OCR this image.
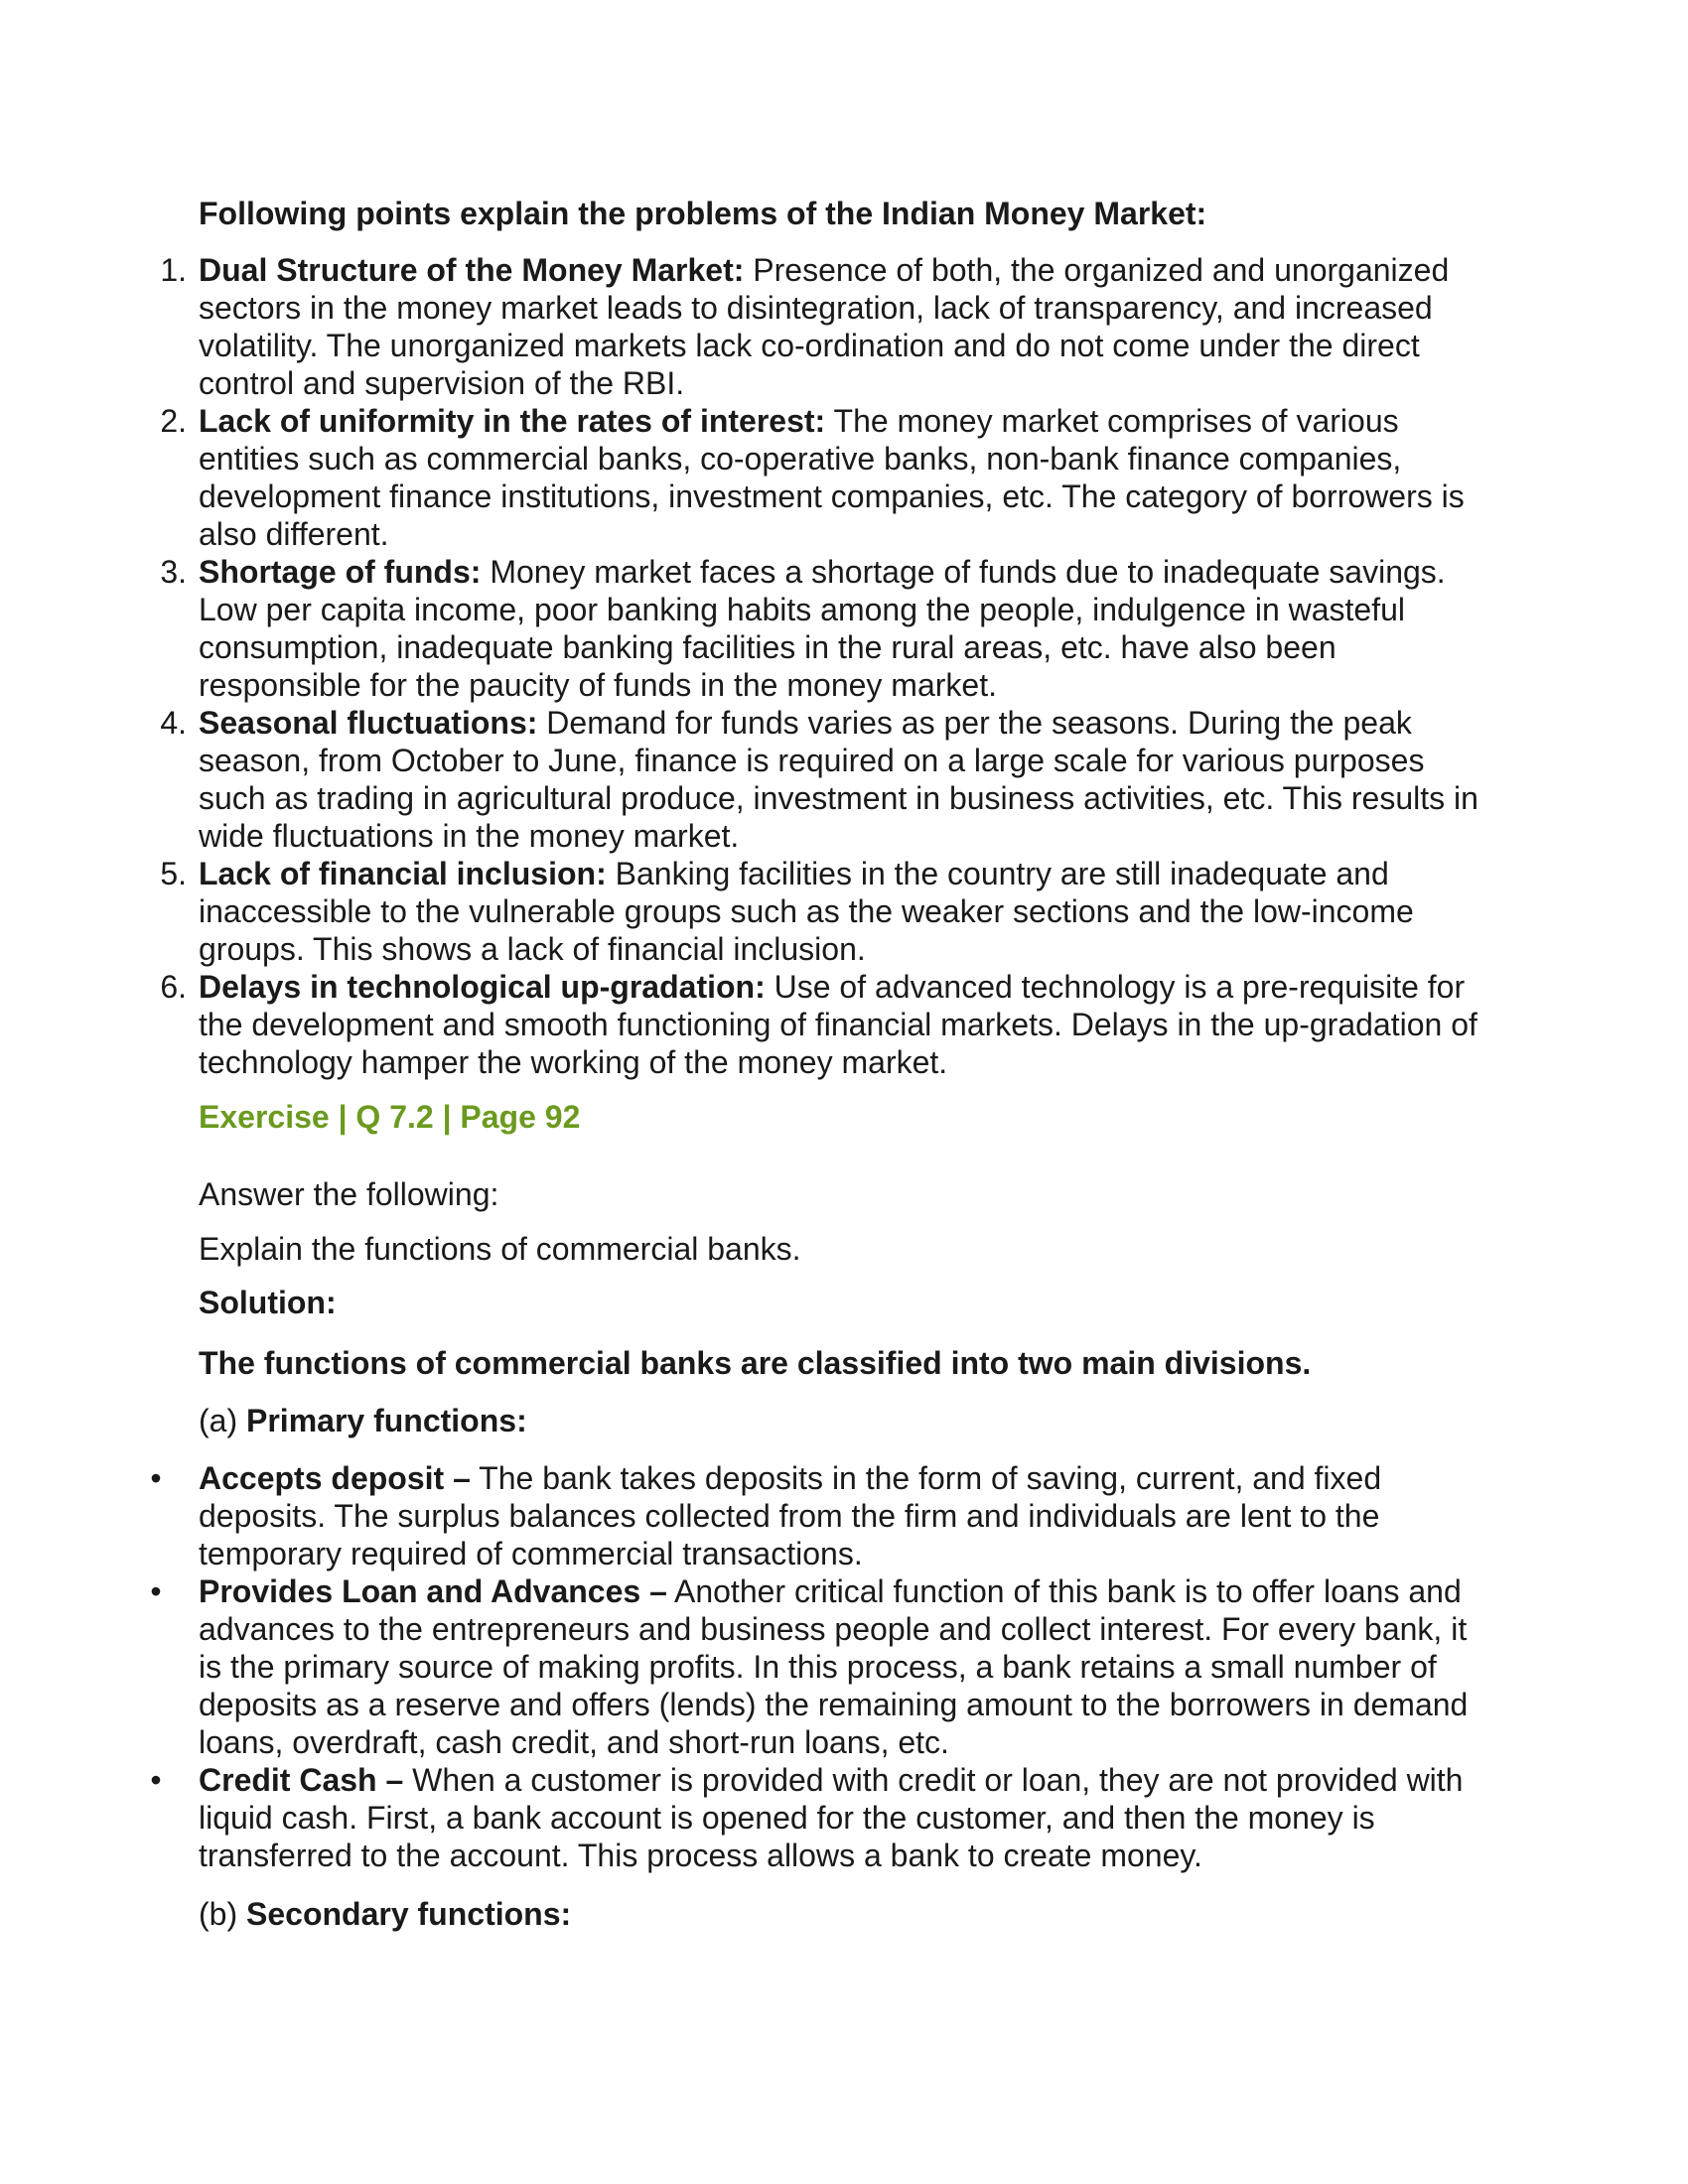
Following points explain the problems of the Indian Money Market:

1. Dual Structure of the Money Market: Presence of both, the organized and unorganized sectors in the money market leads to disintegration, lack of transparency, and increased volatility. The unorganized markets lack co-ordination and do not come under the direct control and supervision of the RBI.
2. Lack of uniformity in the rates of interest: The money market comprises of various entities such as commercial banks, co-operative banks, non-bank finance companies, development finance institutions, investment companies, etc. The category of borrowers is also different.
3. Shortage of funds: Money market faces a shortage of funds due to inadequate savings. Low per capita income, poor banking habits among the people, indulgence in wasteful consumption, inadequate banking facilities in the rural areas, etc. have also been responsible for the paucity of funds in the money market.
4. Seasonal fluctuations: Demand for funds varies as per the seasons. During the peak season, from October to June, finance is required on a large scale for various purposes such as trading in agricultural produce, investment in business activities, etc. This results in wide fluctuations in the money market.
5. Lack of financial inclusion: Banking facilities in the country are still inadequate and inaccessible to the vulnerable groups such as the weaker sections and the low-income groups. This shows a lack of financial inclusion.
6. Delays in technological up-gradation: Use of advanced technology is a pre-requisite for the development and smooth functioning of financial markets. Delays in the up-gradation of technology hamper the working of the money market.

Exercise | Q 7.2 | Page 92

Answer the following:

Explain the functions of commercial banks.

Solution:

The functions of commercial banks are classified into two main divisions.

(a) Primary functions:

• Accepts deposit – The bank takes deposits in the form of saving, current, and fixed deposits. The surplus balances collected from the firm and individuals are lent to the temporary required of commercial transactions.
• Provides Loan and Advances – Another critical function of this bank is to offer loans and advances to the entrepreneurs and business people and collect interest. For every bank, it is the primary source of making profits. In this process, a bank retains a small number of deposits as a reserve and offers (lends) the remaining amount to the borrowers in demand loans, overdraft, cash credit, and short-run loans, etc.
• Credit Cash – When a customer is provided with credit or loan, they are not provided with liquid cash. First, a bank account is opened for the customer, and then the money is transferred to the account. This process allows a bank to create money.

(b) Secondary functions:
